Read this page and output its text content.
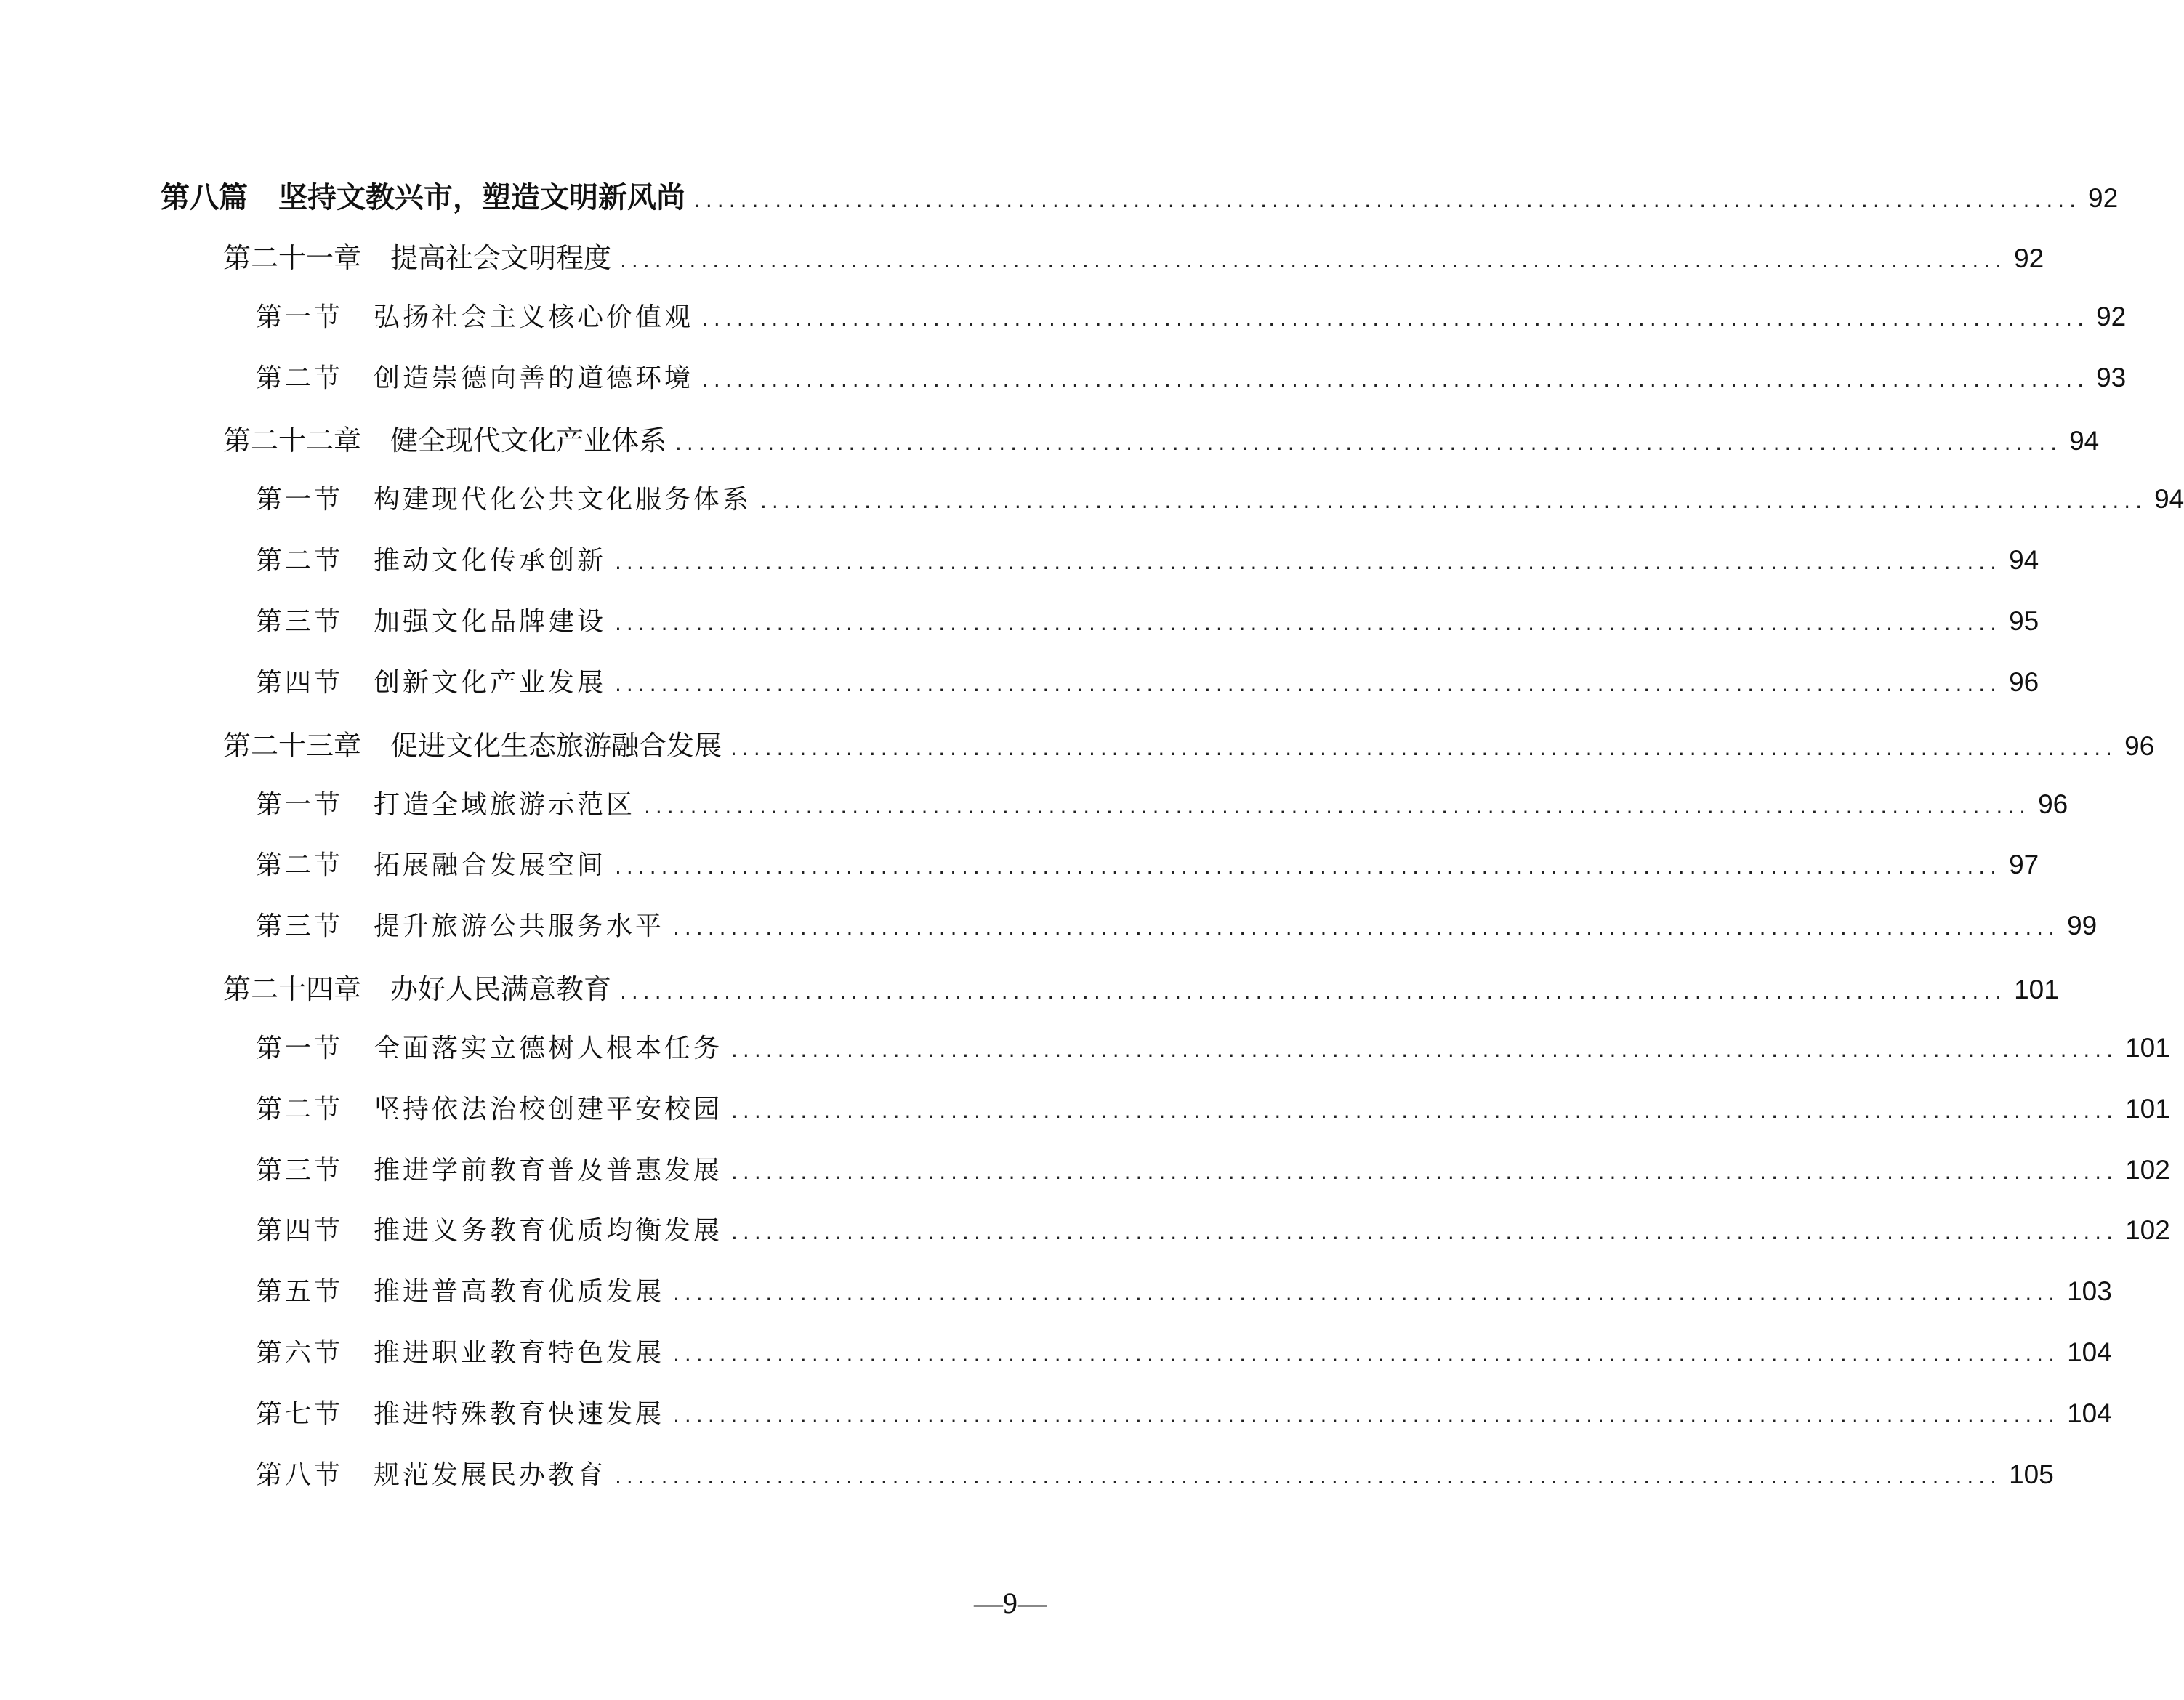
第八篇 坚持文教兴市，塑造文明新风尚 ........................................................................................................................ 92
第二十一章 提高社会文明程度 ........................................................................................................................ 92
第一节 弘扬社会主义核心价值观 ........................................................................................................................ 92
第二节 创造崇德向善的道德环境 ........................................................................................................................ 93
第二十二章 健全现代文化产业体系 ........................................................................................................................ 94
第一节 构建现代化公共文化服务体系 ........................................................................................................................ 94
第二节 推动文化传承创新 ........................................................................................................................ 94
第三节 加强文化品牌建设 ........................................................................................................................ 95
第四节 创新文化产业发展 ........................................................................................................................ 96
第二十三章 促进文化生态旅游融合发展 ........................................................................................................................ 96
第一节 打造全域旅游示范区 ........................................................................................................................ 96
第二节 拓展融合发展空间 ........................................................................................................................ 97
第三节 提升旅游公共服务水平 ........................................................................................................................ 99
第二十四章 办好人民满意教育 ........................................................................................................................ 101
第一节 全面落实立德树人根本任务 ........................................................................................................................ 101
第二节 坚持依法治校创建平安校园 ........................................................................................................................ 101
第三节 推进学前教育普及普惠发展 ........................................................................................................................ 102
第四节 推进义务教育优质均衡发展 ........................................................................................................................ 102
第五节 推进普高教育优质发展 ........................................................................................................................ 103
第六节 推进职业教育特色发展 ........................................................................................................................ 104
第七节 推进特殊教育快速发展 ........................................................................................................................ 104
第八节 规范发展民办教育 ........................................................................................................................ 105
—9—
